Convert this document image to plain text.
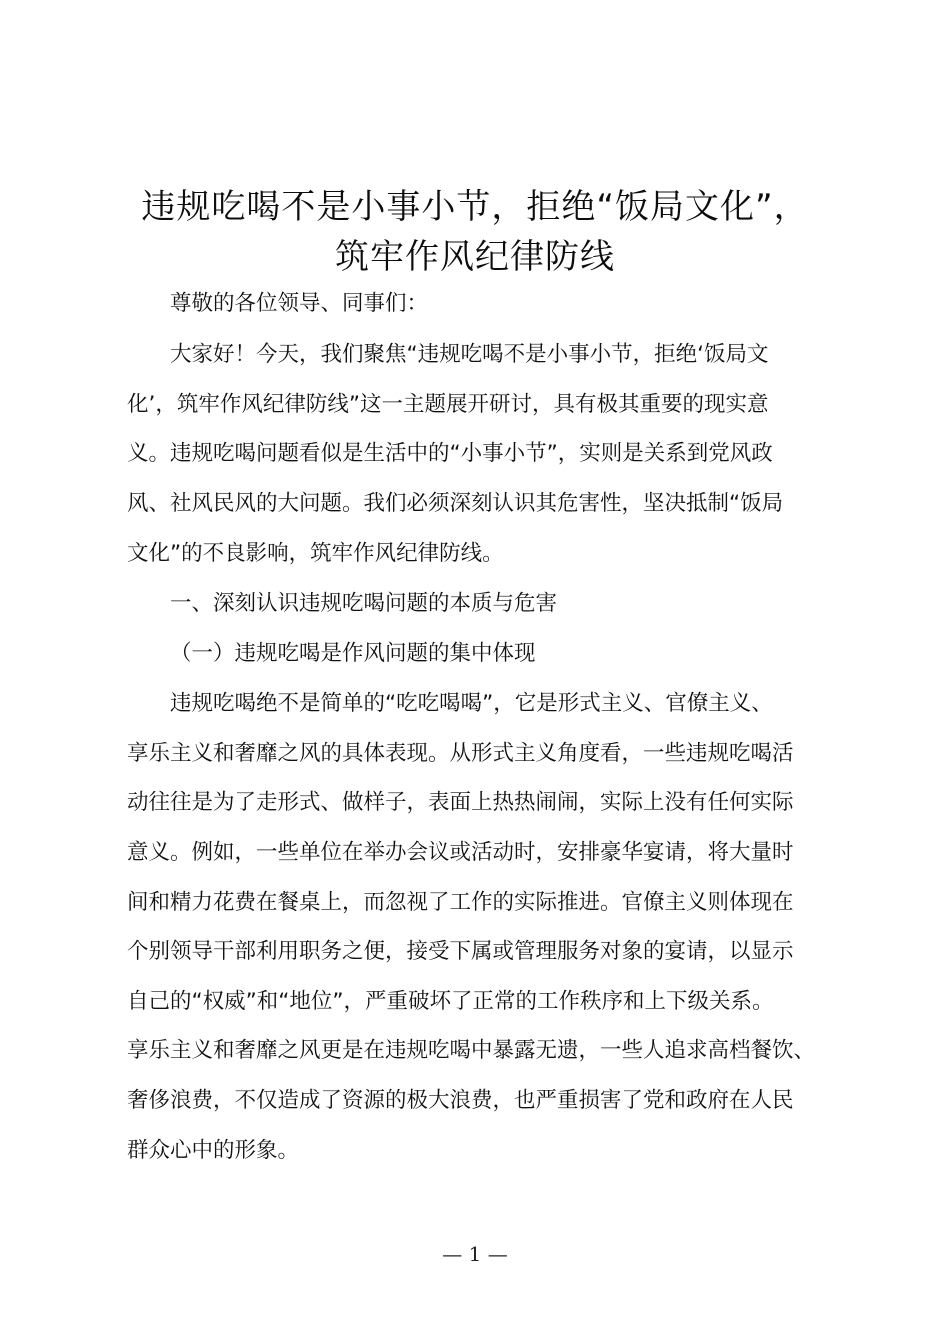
违规吃喝不是小事小节，拒绝“饭局文化”，
筑牢作风纪律防线
尊敬的各位领导、同事们：
大家好！今天，我们聚焦“违规吃喝不是小事小节，拒绝‘饭局文
化’，筑牢作风纪律防线”这一主题展开研讨，具有极其重要的现实意
义。违规吃喝问题看似是生活中的“小事小节”，实则是关系到党风政
风、社风民风的大问题。我们必须深刻认识其危害性，坚决抵制“饭局
文化”的不良影响，筑牢作风纪律防线。
一、深刻认识违规吃喝问题的本质与危害
（一）违规吃喝是作风问题的集中体现
违规吃喝绝不是简单的“吃吃喝喝”，它是形式主义、官僚主义、
享乐主义和奢靡之风的具体表现。从形式主义角度看，一些违规吃喝活
动往往是为了走形式、做样子，表面上热热闹闹，实际上没有任何实际
意义。例如，一些单位在举办会议或活动时，安排豪华宴请，将大量时
间和精力花费在餐桌上，而忽视了工作的实际推进。官僚主义则体现在
个别领导干部利用职务之便，接受下属或管理服务对象的宴请，以显示
自己的“权威”和“地位”，严重破坏了正常的工作秩序和上下级关系。
享乐主义和奢靡之风更是在违规吃喝中暴露无遗，一些人追求高档餐饮、
奢侈浪费，不仅造成了资源的极大浪费，也严重损害了党和政府在人民
群众心中的形象。
— 1 —
